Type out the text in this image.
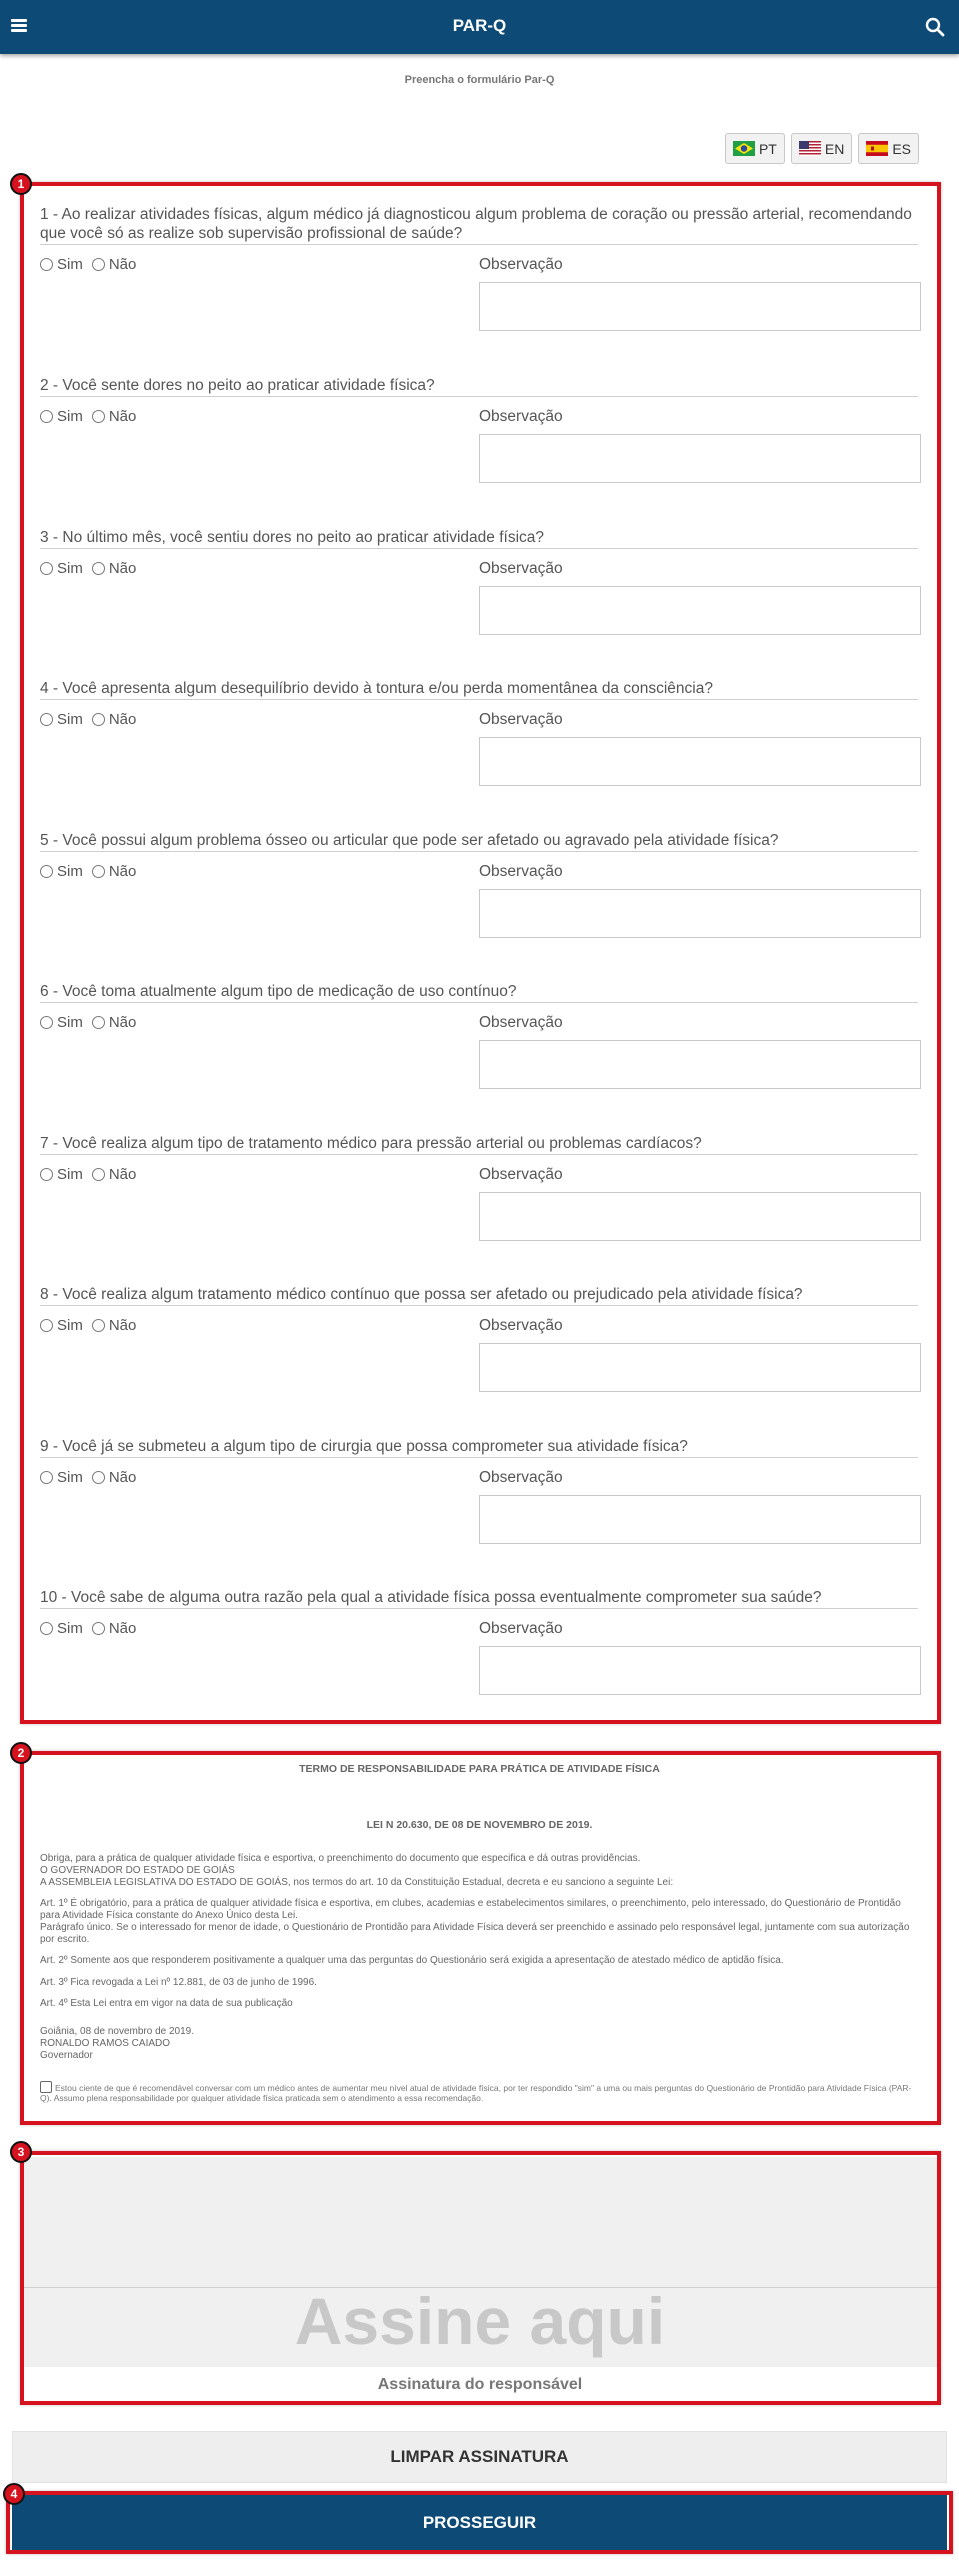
PAR-Q
Preencha o formulário Par-Q
PT	EN	ES
1
1 - Ao realizar atividades físicas, algum médico já diagnosticou algum problema de coração ou pressão arterial, recomendando que você só as realize sob supervisão profissional de saúde?
Sim Não	Observação
2 - Você sente dores no peito ao praticar atividade física?
Sim Não	Observação
3 - No último mês, você sentiu dores no peito ao praticar atividade física?
Sim Não	Observação
4 - Você apresenta algum desequilíbrio devido à tontura e/ou perda momentânea da consciência?
Sim Não	Observação
5 - Você possui algum problema ósseo ou articular que pode ser afetado ou agravado pela atividade física?
Sim Não	Observação
6 - Você toma atualmente algum tipo de medicação de uso contínuo?
Sim Não	Observação
7 - Você realiza algum tipo de tratamento médico para pressão arterial ou problemas cardíacos?
Sim Não	Observação
8 - Você realiza algum tratamento médico contínuo que possa ser afetado ou prejudicado pela atividade física?
Sim Não	Observação
9 - Você já se submeteu a algum tipo de cirurgia que possa comprometer sua atividade física?
Sim Não	Observação
10 - Você sabe de alguma outra razão pela qual a atividade física possa eventualmente comprometer sua saúde?
Sim Não	Observação
2
TERMO DE RESPONSABILIDADE PARA PRÁTICA DE ATIVIDADE FÍSICA
LEI N 20.630, DE 08 DE NOVEMBRO DE 2019.
Obriga, para a prática de qualquer atividade física e esportiva, o preenchimento do documento que especifica e dá outras providências.
O GOVERNADOR DO ESTADO DE GOIÁS
A ASSEMBLEIA LEGISLATIVA DO ESTADO DE GOIÁS, nos termos do art. 10 da Constituição Estadual, decreta e eu sanciono a seguinte Lei:
Art. 1º É obrigatório, para a prática de qualquer atividade física e esportiva, em clubes, academias e estabelecimentos similares, o preenchimento, pelo interessado, do Questionário de Prontidão para Atividade Física constante do Anexo Único desta Lei.
Parágrafo único. Se o interessado for menor de idade, o Questionário de Prontidão para Atividade Física deverá ser preenchido e assinado pelo responsável legal, juntamente com sua autorização por escrito.
Art. 2º Somente aos que responderem positivamente a qualquer uma das perguntas do Questionário será exigida a apresentação de atestado médico de aptidão física.
Art. 3º Fica revogada a Lei nº 12.881, de 03 de junho de 1996.
Art. 4º Esta Lei entra em vigor na data de sua publicação
Goiânia, 08 de novembro de 2019.
RONALDO RAMOS CAIADO
Governador
Estou ciente de que é recomendável conversar com um médico antes de aumentar meu nível atual de atividade física, por ter respondido "sim" a uma ou mais perguntas do Questionário de Prontidão para Atividade Física (PAR-Q). Assumo plena responsabilidade por qualquer atividade física praticada sem o atendimento a essa recomendação.
Assine aqui
Assinatura do responsável
3
LIMPAR ASSINATURA
PROSSEGUIR
4
